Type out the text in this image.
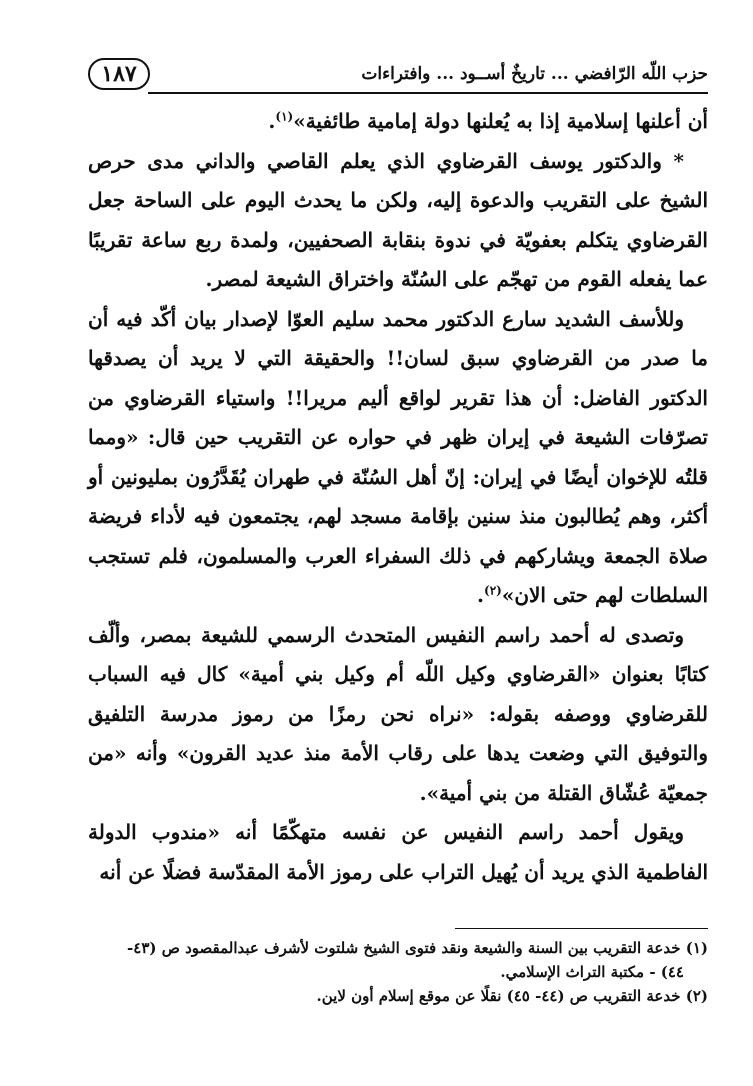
١٨٧	حزب اللّه الرّافضي ... تاريخٌ أســود ... وافتراءات

أن أعلنها إسلامية إذا به يُعلنها دولة إمامية طائفية»$^{(١)}$.

* والدكتور يوسف القرضاوي الذي يعلم القاصي والداني مدى حرص الشيخ على التقريب والدعوة إليه، ولكن ما يحدث اليوم على الساحة جعل القرضاوي يتكلم بعفويّة في ندوة بنقابة الصحفيين، ولمدة ربع ساعة تقريبًا عما يفعله القوم من تهجّم على السُنّة واختراق الشيعة لمصر.

وللأسف الشديد سارع الدكتور محمد سليم العوّا لإصدار بيان أكّد فيه أن ما صدر من القرضاوي سبق لسان!! والحقيقة التي لا يريد أن يصدقها الدكتور الفاضل: أن هذا تقرير لواقع أليم مريرا!! واستياء القرضاوي من تصرّفات الشيعة في إيران ظهر في حواره عن التقريب حين قال: «ومما قلتُه للإخوان أيضًا في إيران: إنّ أهل السُنّة في طهران يُقَدَّرُون بمليونين أو أكثر، وهم يُطالبون منذ سنين بإقامة مسجد لهم، يجتمعون فيه لأداء فريضة صلاة الجمعة ويشاركهم في ذلك السفراء العرب والمسلمون، فلم تستجب السلطات لهم حتى الان»$^{(٢)}$.

وتصدى له أحمد راسم النفيس المتحدث الرسمي للشيعة بمصر، وألّف كتابًا بعنوان «القرضاوي وكيل اللّه أم وكيل بني أمية» كال فيه السباب للقرضاوي ووصفه بقوله: «نراه نحن رمزًا من رموز مدرسة التلفيق والتوفيق التي وضعت يدها على رقاب الأمة منذ عديد القرون» وأنه «من جمعيّة عُشّاق القتلة من بني أمية».

ويقول أحمد راسم النفيس عن نفسه متهكّمًا أنه «مندوب الدولة الفاطمية الذي يريد أن يُهيل التراب على رموز الأمة المقدّسة فضلًا عن أنه

(١) خدعة التقريب بين السنة والشيعة ونقد فتوى الشيخ شلتوت لأشرف عبدالمقصود ص (٤٣-

٤٤) - مكتبة التراث الإسلامي.

(٢) خدعة التقريب ص (٤٤- ٤٥) نقلًا عن موقع إسلام أون لاين.
